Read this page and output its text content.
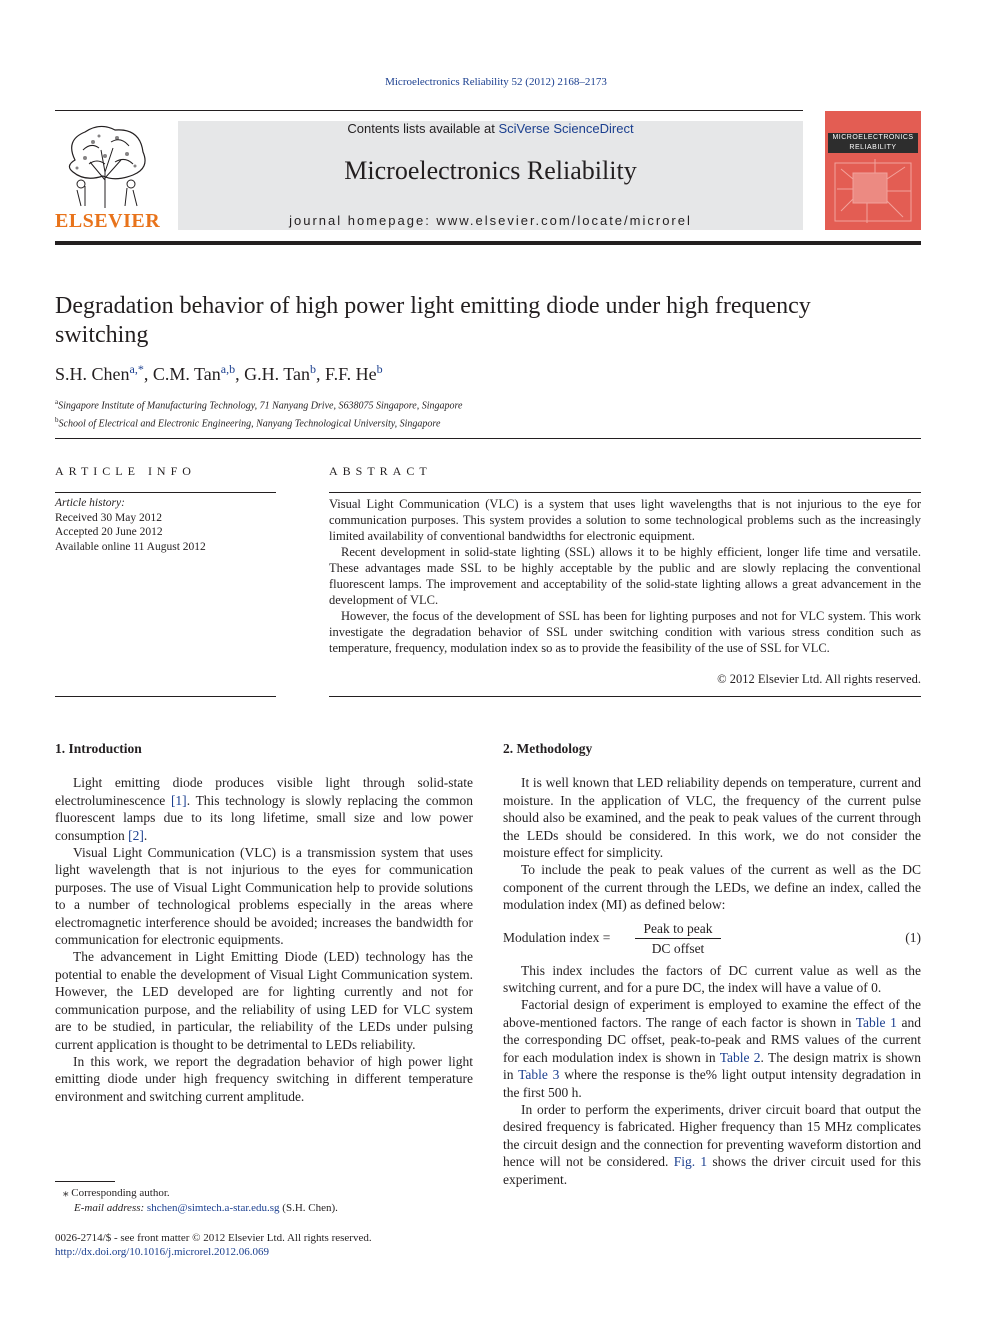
Microelectronics Reliability 52 (2012) 2168–2173
ELSEVIER
Contents lists available at SciVerse ScienceDirect
Microelectronics Reliability
journal homepage: www.elsevier.com/locate/microrel
MICROELECTRONICS
RELIABILITY
Degradation behavior of high power light emitting diode under high frequency switching
S.H. Chen$^{a,*}$, C.M. Tan$^{a,b}$, G.H. Tan$^b$, F.F. He$^b$
$^a$Singapore Institute of Manufacturing Technology, 71 Nanyang Drive, S638075 Singapore, Singapore
$^b$School of Electrical and Electronic Engineering, Nanyang Technological University, Singapore
ARTICLE INFO	ABSTRACT
Article history:
Received 30 May 2012
Accepted 20 June 2012
Available online 11 August 2012

Visual Light Communication (VLC) is a system that uses light wavelengths that is not injurious to the eye for communication purposes. This system provides a solution to some technological problems such as the increasingly limited availability of conventional bandwidths for electronic equipment.

Recent development in solid-state lighting (SSL) allows it to be highly efficient, longer life time and versatile. These advantages made SSL to be highly acceptable by the public and are slowly replacing the conventional fluorescent lamps. The improvement and acceptability of the solid-state lighting allows a great advancement in the development of VLC.

However, the focus of the development of SSL has been for lighting purposes and not for VLC system. This work investigate the degradation behavior of SSL under switching condition with various stress condition such as temperature, frequency, modulation index so as to provide the feasibility of the use of SSL for VLC.

© 2012 Elsevier Ltd. All rights reserved.
1. Introduction

Light emitting diode produces visible light through solid-state electroluminescence [1]. This technology is slowly replacing the common fluorescent lamps due to its long lifetime, small size and low power consumption [2].

Visual Light Communication (VLC) is a transmission system that uses light wavelength that is not injurious to the eyes for communication purposes. The use of Visual Light Communication help to provide solutions to a number of technological problems especially in the areas where electromagnetic interference should be avoided; increases the bandwidth for communication for electronic equipments.

The advancement in Light Emitting Diode (LED) technology has the potential to enable the development of Visual Light Communication system. However, the LED developed are for lighting currently and not for communication purpose, and the reliability of using LED for VLC system are to be studied, in particular, the reliability of the LEDs under pulsing current application is thought to be detrimental to LEDs reliability.

In this work, we report the degradation behavior of high power light emitting diode under high frequency switching in different temperature environment and switching current amplitude.

2. Methodology

It is well known that LED reliability depends on temperature, current and moisture. In the application of VLC, the frequency of the current pulse should also be examined, and the peak to peak values of the current through the LEDs should be considered. In this work, we do not consider the moisture effect for simplicity.

To include the peak to peak values of the current as well as the DC component of the current through the LEDs, we define an index, called the modulation index (MI) as defined below:

Modulation index =
Peak to peak
DC offset
(1)

This index includes the factors of DC current value as well as the switching current, and for a pure DC, the index will have a value of 0.

Factorial design of experiment is employed to examine the effect of the above-mentioned factors. The range of each factor is shown in Table 1 and the corresponding DC offset, peak-to-peak and RMS values of the current for each modulation index is shown in Table 2. The design matrix is shown in Table 3 where the response is the% light output intensity degradation in the first 500 h.

In order to perform the experiments, driver circuit board that output the desired frequency is fabricated. Higher frequency than 15 MHz complicates the circuit design and the connection for preventing waveform distortion and hence will not be considered. Fig. 1 shows the driver circuit used for this experiment.

⁎ Corresponding author.
E-mail address: shchen@simtech.a-star.edu.sg (S.H. Chen).
0026-2714/$ - see front matter © 2012 Elsevier Ltd. All rights reserved.
http://dx.doi.org/10.1016/j.microrel.2012.06.069
